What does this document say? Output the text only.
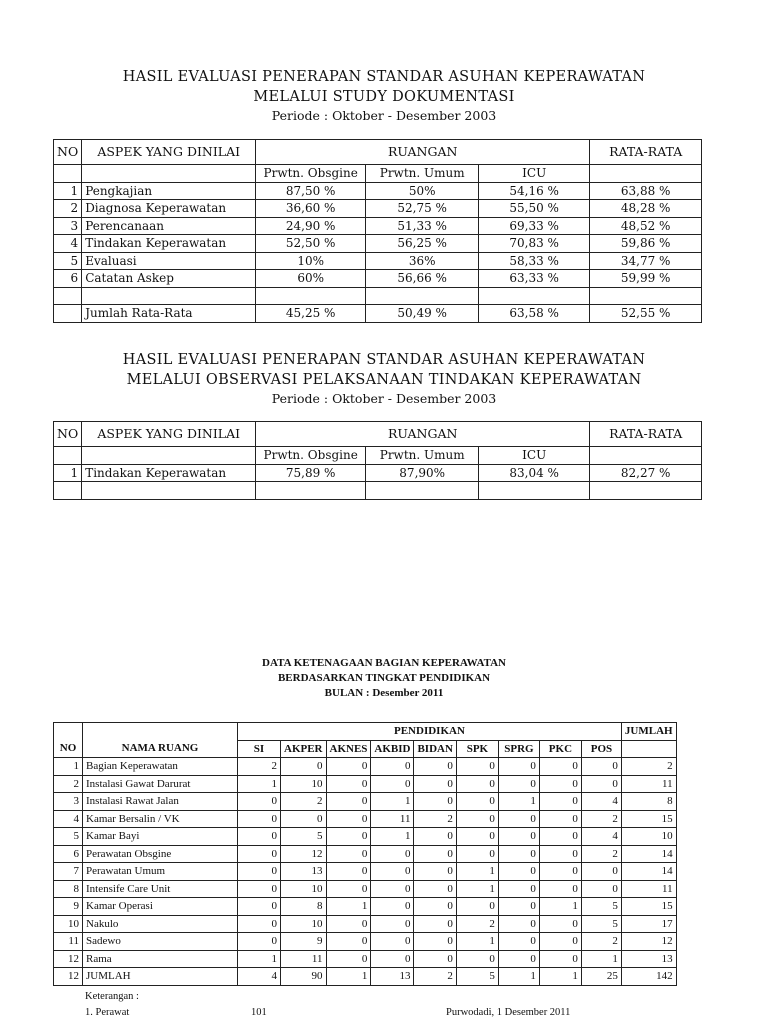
HASIL EVALUASI PENERAPAN STANDAR ASUHAN KEPERAWATAN
MELALUI STUDY DOKUMENTASI
Periode : Oktober - Desember 2003
NO	ASPEK YANG DINILAI	RUANGAN			RATA-RATA
		Prwtn. Obsgine	Prwtn. Umum	ICU	
1	Pengkajian	87,50 %	50%	54,16 %	63,88 %
2	Diagnosa Keperawatan	36,60 %	52,75 %	55,50 %	48,28 %
3	Perencanaan	24,90 %	51,33 %	69,33 %	48,52 %
4	Tindakan Keperawatan	52,50 %	56,25 %	70,83 %	59,86 %
5	Evaluasi	10%	36%	58,33 %	34,77 %
6	Catatan Askep	60%	56,66 %	63,33 %	59,99 %

	Jumlah Rata-Rata	45,25 %	50,49 %	63,58 %	52,55 %
HASIL EVALUASI PENERAPAN STANDAR ASUHAN KEPERAWATAN
MELALUI OBSERVASI PELAKSANAAN TINDAKAN KEPERAWATAN
Periode : Oktober - Desember 2003
NO	ASPEK YANG DINILAI	RUANGAN			RATA-RATA
		Prwtn. Obsgine	Prwtn. Umum	ICU	
1	Tindakan Keperawatan	75,89 %	87,90%	83,04 %	82,27 %

DATA KETENAGAAN BAGIAN KEPERAWATAN
BERDASARKAN TINGKAT PENDIDIKAN
BULAN : Desember 2011
		PENDIDIKAN									JUMLAH
NO	NAMA RUANG	SI	AKPER	AKNES	AKBID	BIDAN	SPK	SPRG	PKC	POS	
1	Bagian Keperawatan	2	0	0	0	0	0	0	0	0	2
2	Instalasi Gawat Darurat	1	10	0	0	0	0	0	0	0	11
3	Instalasi Rawat Jalan	0	2	0	1	0	0	1	0	4	8
4	Kamar Bersalin / VK	0	0	0	11	2	0	0	0	2	15
5	Kamar Bayi	0	5	0	1	0	0	0	0	4	10
6	Perawatan Obsgine	0	12	0	0	0	0	0	0	2	14
7	Perawatan Umum	0	13	0	0	0	1	0	0	0	14
8	Intensife Care Unit	0	10	0	0	0	1	0	0	0	11
9	Kamar Operasi	0	8	1	0	0	0	0	1	5	15
10	Nakulo	0	10	0	0	0	2	0	0	5	17
11	Sadewo	0	9	0	0	0	1	0	0	2	12
12	Rama	1	11	0	0	0	0	0	0	1	13
12	JUMLAH	4	90	1	13	2	5	1	1	25	142
Keterangan :
1. Perawat	101	Purwodadi, 1 Desember 2011
